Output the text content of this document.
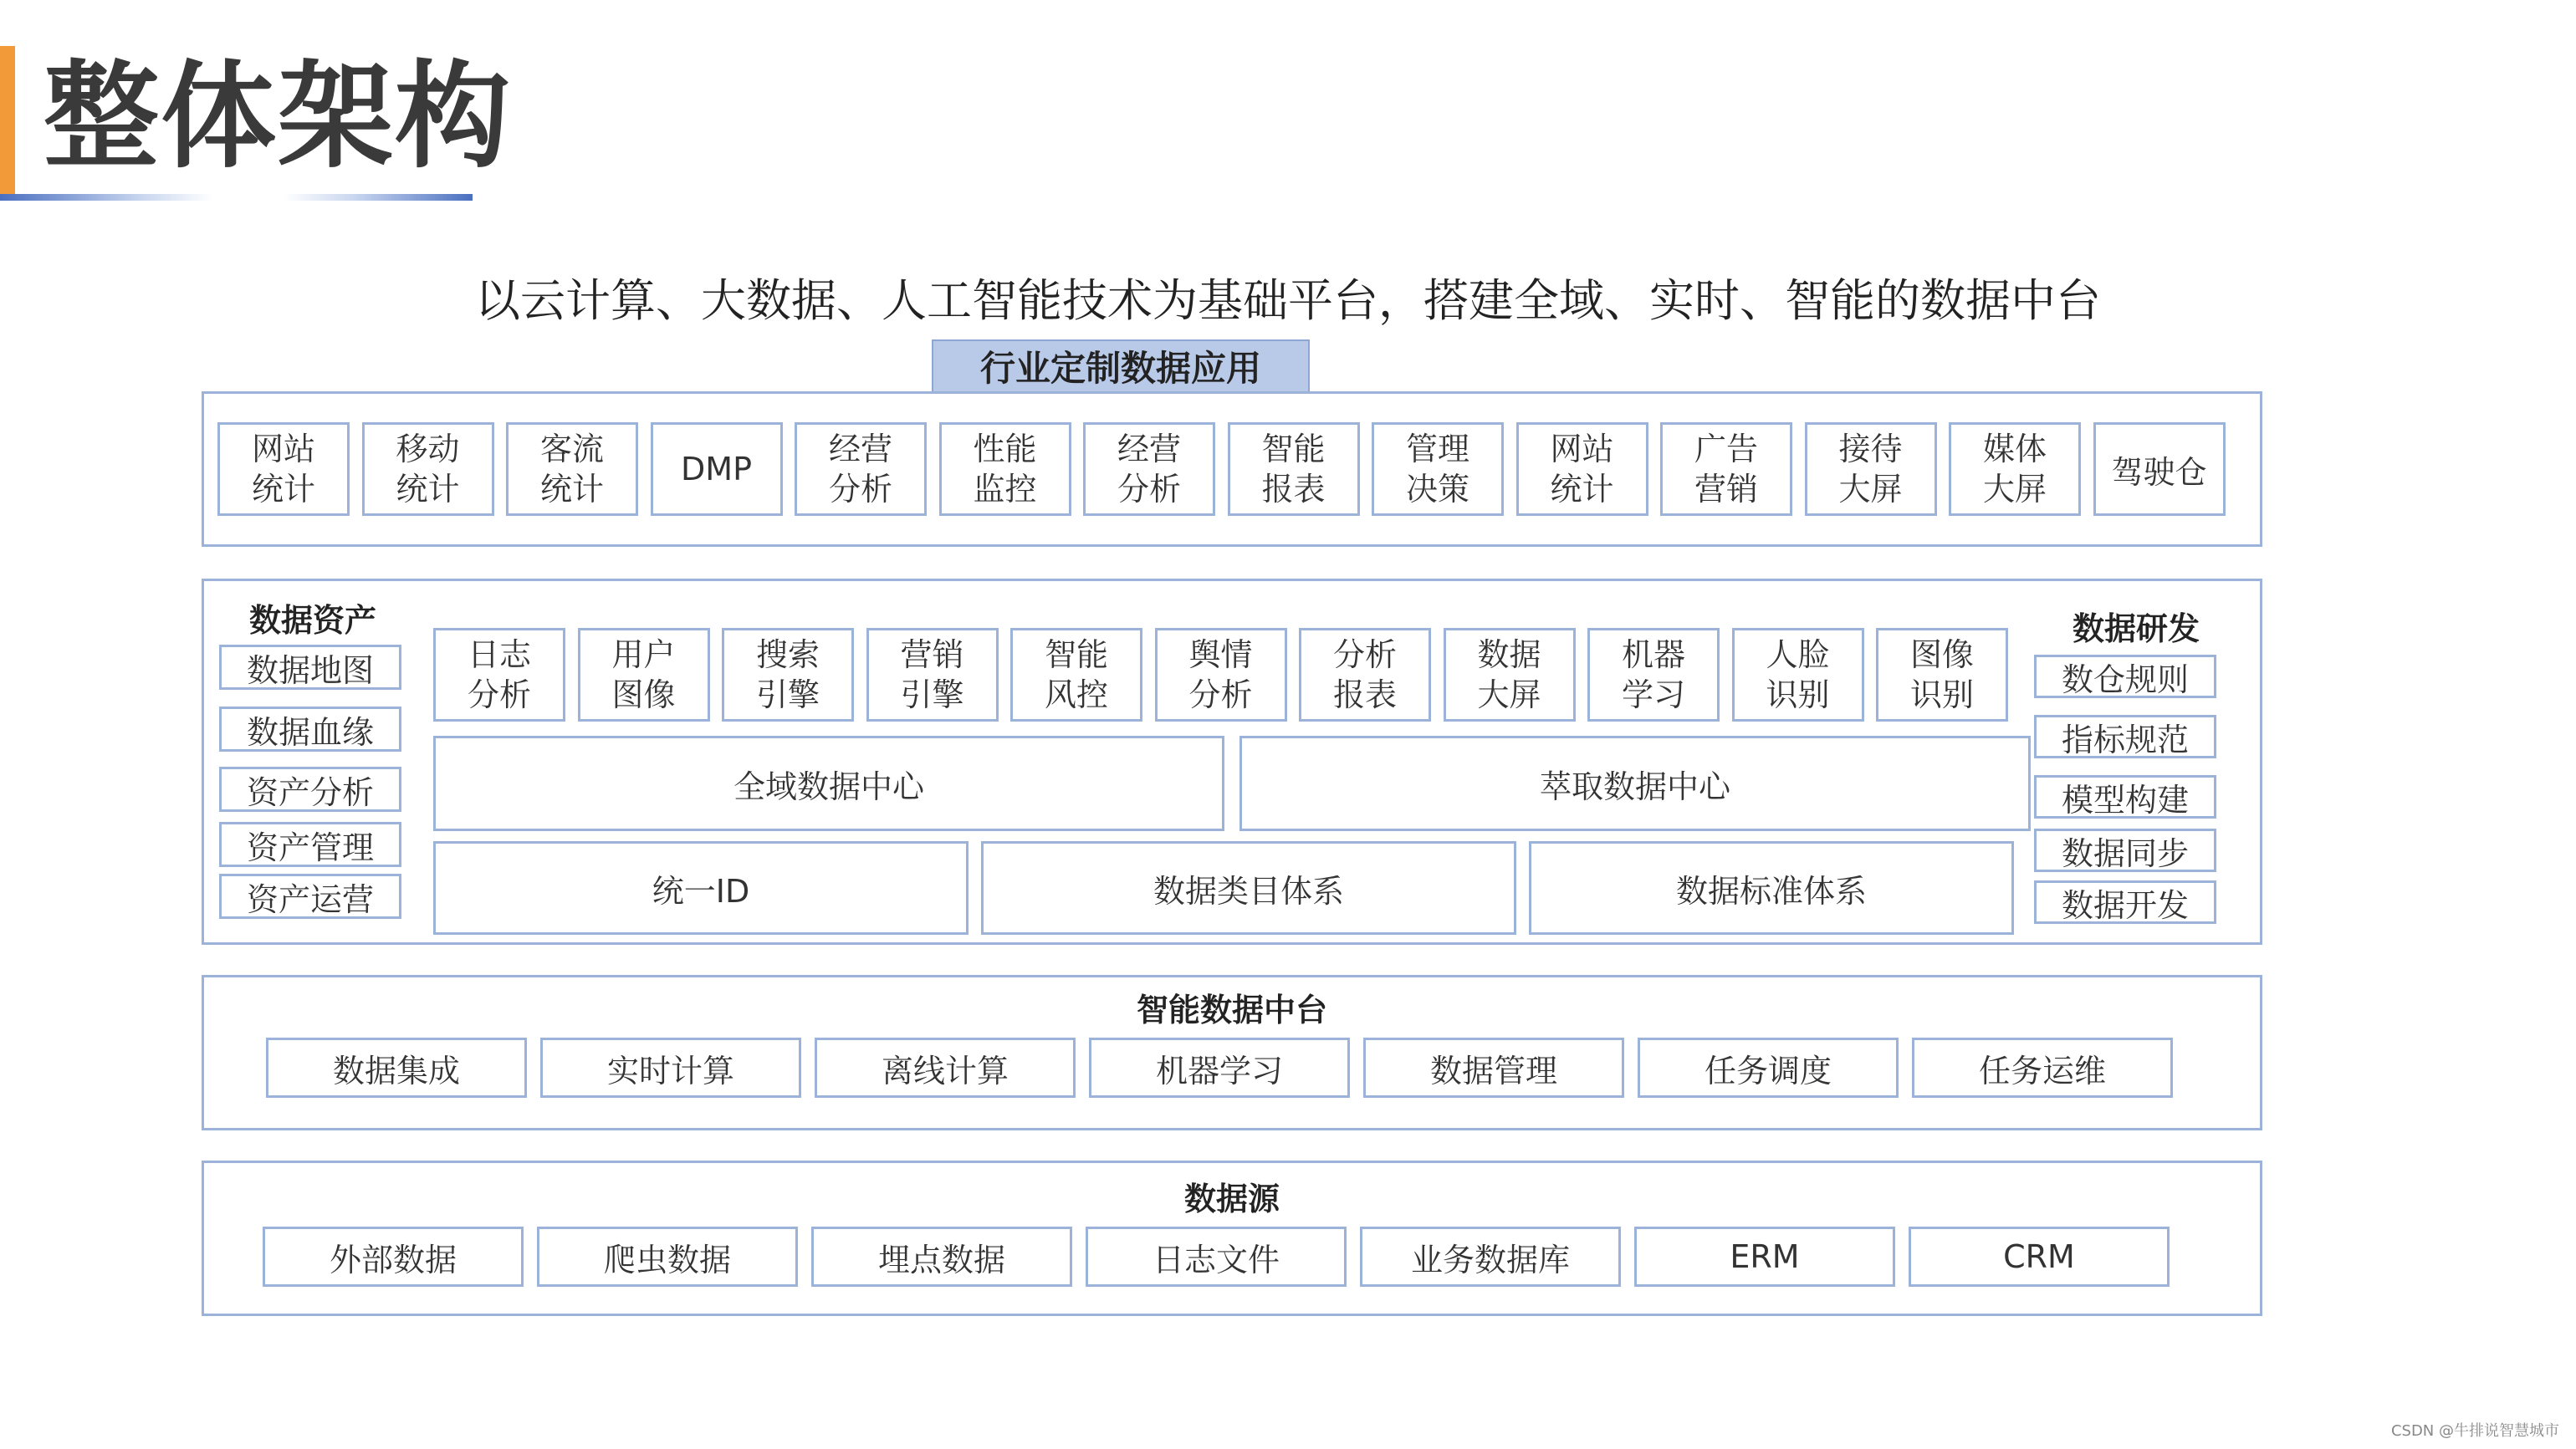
整体架构
以云计算、大数据、人工智能技术为基础平台，搭建全域、实时、智能的数据中台
行业定制数据应用
网站统计
移动统计
客流统计
DMP
经营分析
性能监控
经营分析
智能报表
管理决策
网站统计
广告营销
接待大屏
媒体大屏 驾驶仓
数据资产	数据研发
数据地图
数据血缘
资产分析
资产管理
资产运营
日志分析
用户图像
搜索引擎
营销引擎
智能风控
舆情分析
分析报表
数据大屏
机器学习
人脸识别
图像识别
全域数据中心	萃取数据中心
统一ID	数据类目体系	数据标准体系
数仓规则
指标规范
模型构建
数据同步
数据开发
智能数据中台
数据集成	实时计算	离线计算	机器学习	数据管理	任务调度	任务运维
数据源
外部数据	爬虫数据	埋点数据	日志文件	业务数据库	ERM	CRM
CSDN @牛排说智慧城市
